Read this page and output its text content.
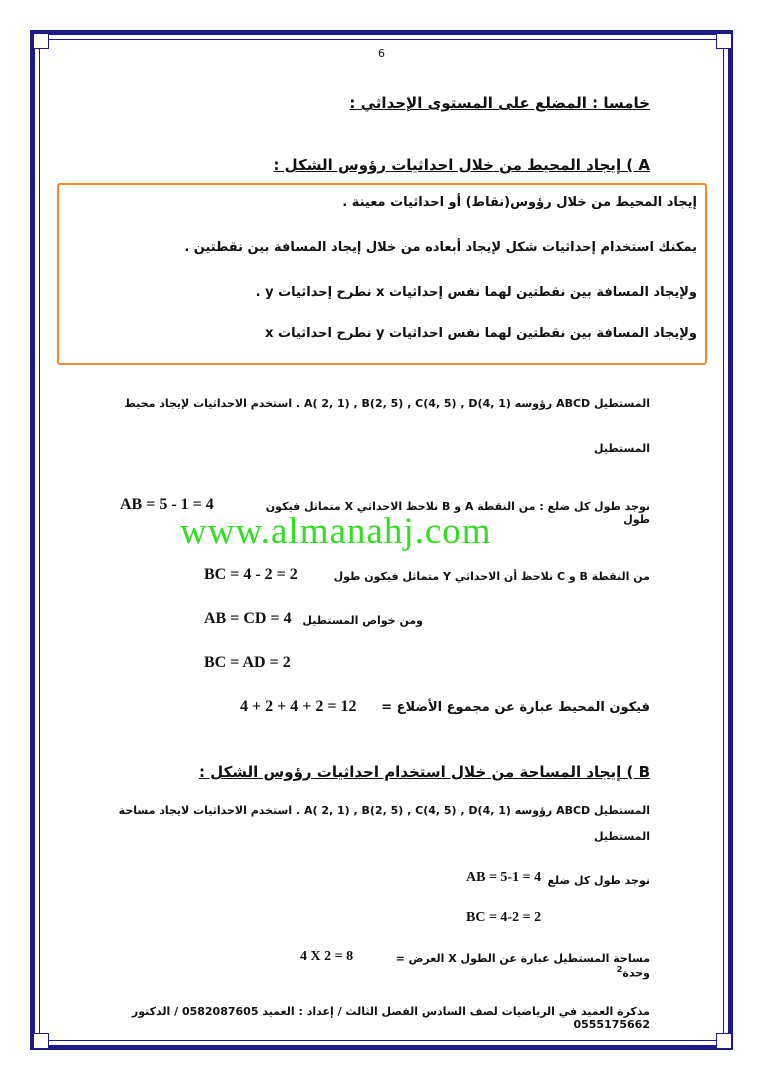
6
خامسا : المضلع على المستوى الإحداثي :
A ) إيجاد المحيط من خلال احداثيات رؤوس الشكل :
إيجاد المحيط من خلال رؤوس(نقاط) أو احداثيات معينة .
يمكنك استخدام إحداثيات شكل لإيجاد أبعاده من خلال إيجاد المسافة بين نقطتين .
ولإيجاد المسافة بين نقطتين لهما نفس إحداثيات x نطرح إحداثيات y .
ولإيجاد المسافة بين نقطتين لهما نفس احداثيات y نطرح احداثيات x
المستطيل ABCD رؤوسه A( 2, 1) , B(2, 5) , C(4, 5) , D(4, 1) . استخدم الاحداثيات لإيجاد محيط
المستطيل
نوجد طول كل ضلع : من النقطة A و B نلاحظ الاحداثي X متماثل فيكون طول
AB = 5 - 1 = 4
www.almanahj.com
من النقطة B و C نلاحظ أن الاحداثي Y متماثل فيكون طول
BC = 4 - 2 = 2
ومن خواص المستطيل
AB = CD = 4
BC = AD = 2
فيكون المحيط عبارة عن مجموع الأضلاع =
4 + 2 + 4 + 2 = 12
B ) إيجاد المساحة من خلال استخدام احداثيات رؤوس الشكل :
المستطيل ABCD رؤوسه A( 2, 1) , B(2, 5) , C(4, 5) , D(4, 1) . استخدم الاحداثيات لايجاد مساحة
المستطيل
نوجد طول كل ضلع
AB = 5-1 = 4
BC = 4-2 = 2
مساحة المستطيل عبارة عن الطول X العرض = وحدة$^2$
4 X 2 = 8
مذكرة العميد في الرياضيات لصف السادس الفصل الثالث / إعداد : العميد 0582087605 / الدكتور 0555175662
